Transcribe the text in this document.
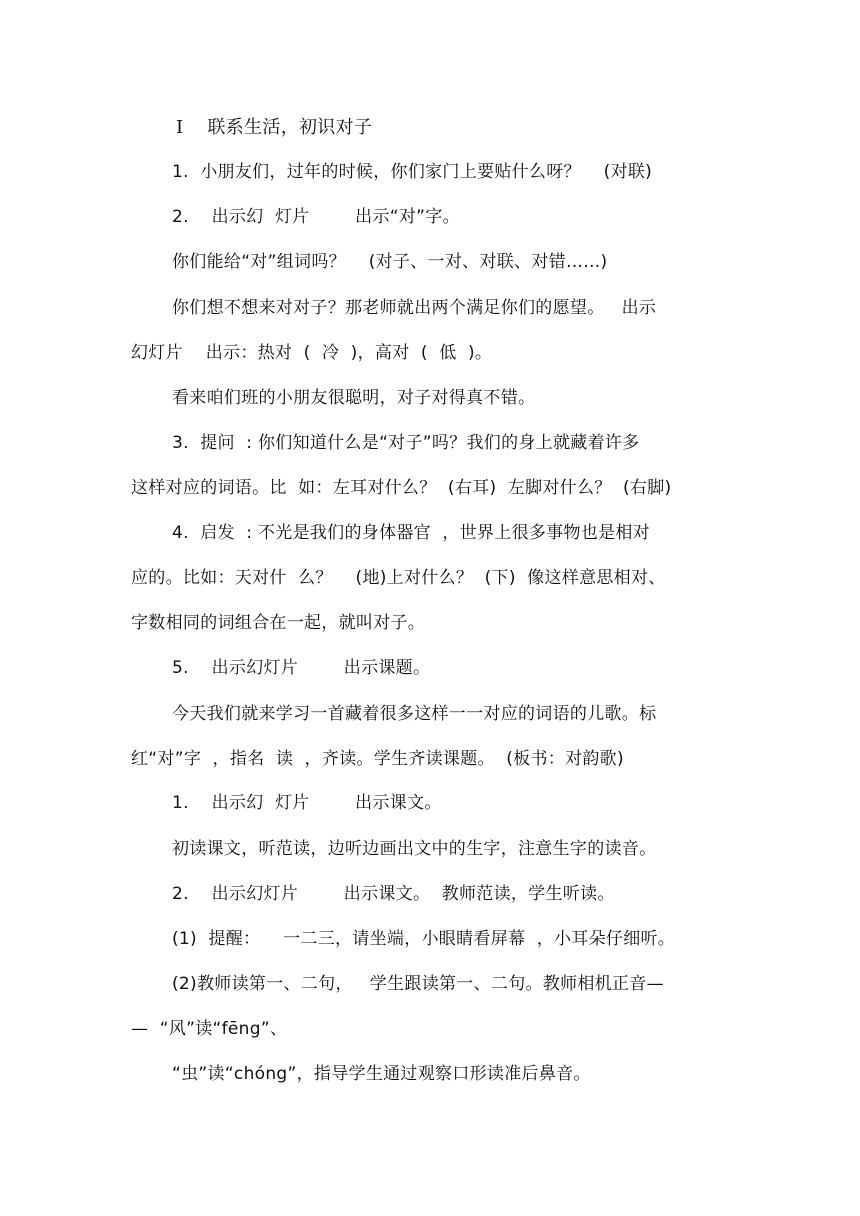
Ⅰ    联系生活，初识对子
1.  小朋友们，过年的时候，你们家门上要贴什么呀？    (对联)
2.    出示幻  灯片        出示“对”字。
你们能给“对”组词吗？    (对子、一对、对联、对错……)
你们想不想来对对子？那老师就出两个满足你们的愿望。   出示
幻灯片    出示：热对  (  冷  )，高对  (  低  )。
看来咱们班的小朋友很聪明，对子对得真不错。
3.  提问  : 你们知道什么是“对子”吗？我们的身上就藏着许多
这样对应的词语。比  如：左耳对什么？  (右耳)  左脚对什么？  (右脚)
4.  启发  : 不光是我们的身体器官  ，世界上很多事物也是相对
应的。比如：天对什  么？    (地)上对什么？  (下)  像这样意思相对、
字数相同的词组合在一起，就叫对子。
5.    出示幻灯片        出示课题。
今天我们就来学习一首藏着很多这样一一对应的词语的儿歌。标
红“对”字  ，指名  读  ，齐读。学生齐读课题。  (板书：对韵歌)
1.    出示幻  灯片        出示课文。
初读课文，听范读，边听边画出文中的生字，注意生字的读音。
2.    出示幻灯片        出示课文。  教师范读，学生听读。
(1)  提醒：    一二三，请坐端，小眼睛看屏幕  ，小耳朵仔细听。
(2)教师读第一、二句，   学生跟读第一、二句。教师相机正音—
—  “风”读“fēng”、
“虫”读“chóng”，指导学生通过观察口形读准后鼻音。
